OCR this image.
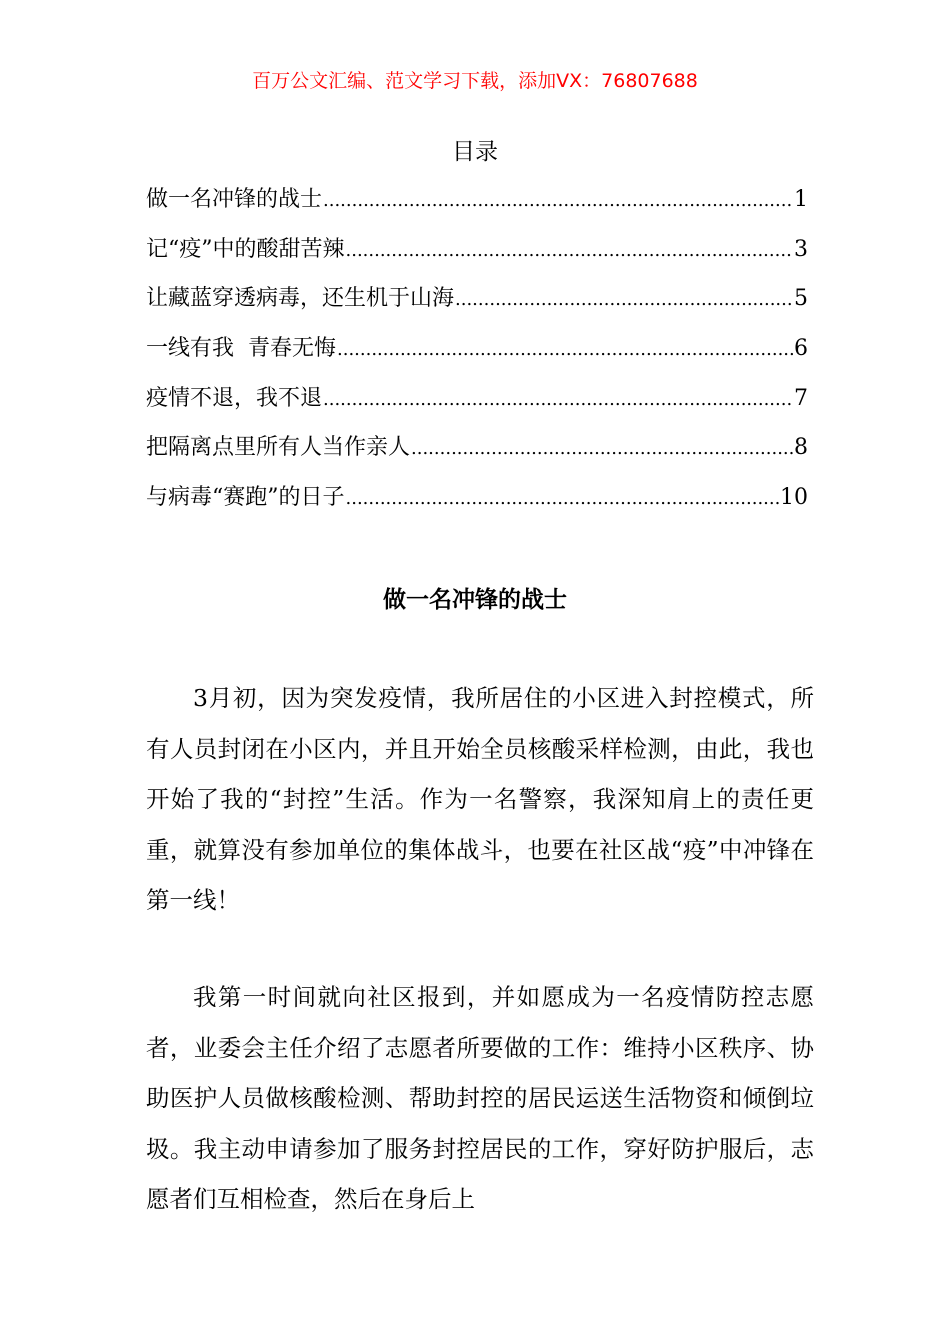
百万公文汇编、范文学习下载，添加VX：76807688
目录
做一名冲锋的战士 .....	1
记“疫”中的酸甜苦辣 .....	3
让藏蓝穿透病毒，还生机于山海 .....	5
一线有我  青春无悔 .....	6
疫情不退，我不退 .....	7
把隔离点里所有人当作亲人 .....	8
与病毒“赛跑”的日子 .....	10
做一名冲锋的战士

3月初，因为突发疫情，我所居住的小区进入封控模式，所有人员封闭在小区内，并且开始全员核酸采样检测，由此，我也开始了我的“封控”生活。作为一名警察，我深知肩上的责任更重，就算没有参加单位的集体战斗，也要在社区战“疫”中冲锋在第一线！

我第一时间就向社区报到，并如愿成为一名疫情防控志愿者，业委会主任介绍了志愿者所要做的工作：维持小区秩序、协助医护人员做核酸检测、帮助封控的居民运送生活物资和倾倒垃圾。我主动申请参加了服务封控居民的工作，穿好防护服后，志愿者们互相检查，然后在身后上
